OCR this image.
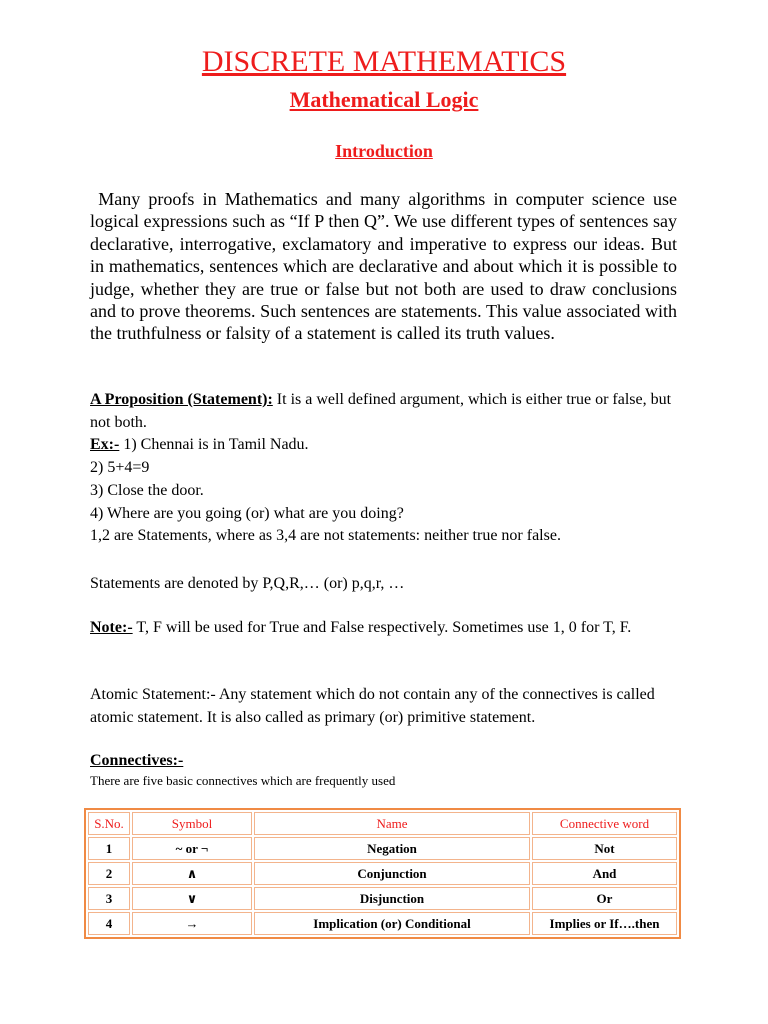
DISCRETE MATHEMATICS
Mathematical Logic
Introduction

Many proofs in Mathematics and many algorithms in computer science use logical expressions such as “If P then Q”. We use different types of sentences say declarative, interrogative, exclamatory and imperative to express our ideas. But in mathematics, sentences which are declarative and about which it is possible to judge, whether they are true or false but not both are used to draw conclusions and to prove theorems. Such sentences are statements. This value associated with the truthfulness or falsity of a statement is called its truth values.

A Proposition (Statement): It is a well defined argument, which is either true or false, but not both.
Ex:- 1) Chennai is in Tamil Nadu.
2) 5+4=9
3) Close the door.
4) Where are you going (or) what are you doing?
1,2 are Statements, where as 3,4 are not statements: neither true nor false.

Statements are denoted by P,Q,R,… (or) p,q,r, …

Note:- T, F will be used for True and False respectively. Sometimes use 1, 0 for T, F.

Atomic Statement:- Any statement which do not contain any of the connectives is called atomic statement. It is also called as primary (or) primitive statement.

Connectives:-

There are five basic connectives which are frequently used

S.No.	Symbol	Name	Connective word
1	~ or ¬	Negation	Not
2	∧	Conjunction	And
3	∨	Disjunction	Or
4	→	Implication (or) Conditional	Implies or If….then
